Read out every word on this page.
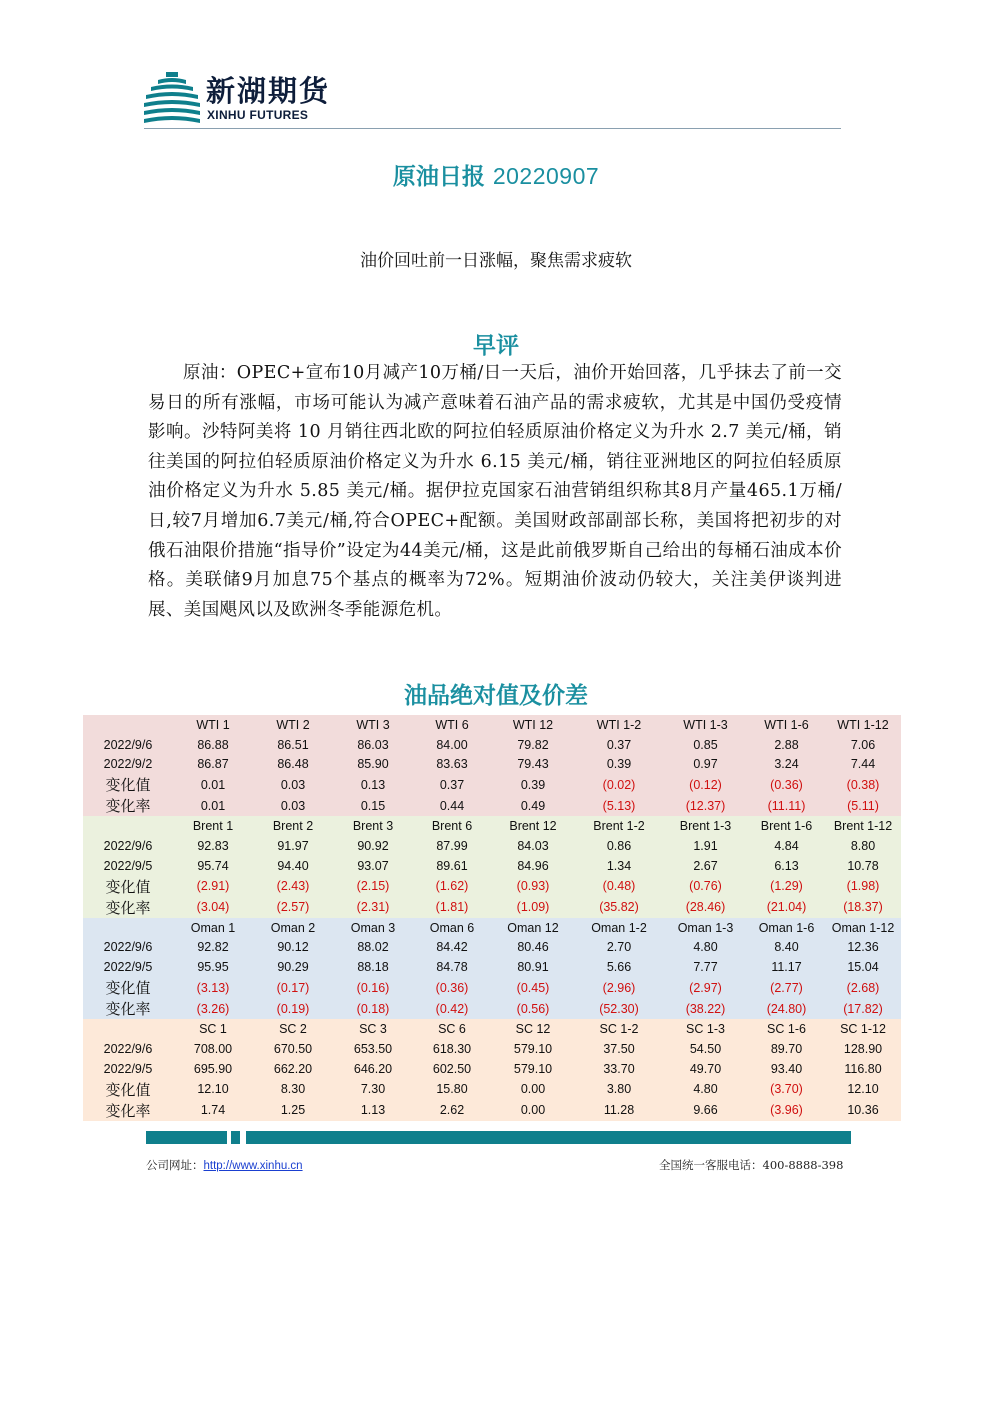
新湖期货
XINHU FUTURES
原油日报 20220907
油价回吐前一日涨幅，聚焦需求疲软
早评

原油：OPEC+宣布10月减产10万桶/日一天后，油价开始回落，几乎抹去了前一交易日的所有涨幅，市场可能认为减产意味着石油产品的需求疲软，尤其是中国仍受疫情影响。沙特阿美将 10 月销往西北欧的阿拉伯轻质原油价格定义为升水 2.7 美元/桶，销往美国的阿拉伯轻质原油价格定义为升水 6.15 美元/桶，销往亚洲地区的阿拉伯轻质原油价格定义为升水 5.85 美元/桶。据伊拉克国家石油营销组织称其8月产量465.1万桶/日,较7月增加6.7美元/桶,符合OPEC+配额。美国财政部副部长称，美国将把初步的对俄石油限价措施“指导价”设定为44美元/桶，这是此前俄罗斯自己给出的每桶石油成本价格。美联储9月加息75个基点的概率为72%。短期油价波动仍较大，关注美伊谈判进展、美国飓风以及欧洲冬季能源危机。

油品绝对值及价差
	WTI 1	WTI 2	WTI 3	WTI 6	WTI 12	WTI 1-2	WTI 1-3	WTI 1-6	WTI 1-12
2022/9/6	86.88	86.51	86.03	84.00	79.82	0.37	0.85	2.88	7.06
2022/9/2	86.87	86.48	85.90	83.63	79.43	0.39	0.97	3.24	7.44
变化值	0.01	0.03	0.13	0.37	0.39	(0.02)	(0.12)	(0.36)	(0.38)
变化率	0.01	0.03	0.15	0.44	0.49	(5.13)	(12.37)	(11.11)	(5.11)
	Brent 1	Brent 2	Brent 3	Brent 6	Brent 12	Brent 1-2	Brent 1-3	Brent 1-6	Brent 1-12
2022/9/6	92.83	91.97	90.92	87.99	84.03	0.86	1.91	4.84	8.80
2022/9/5	95.74	94.40	93.07	89.61	84.96	1.34	2.67	6.13	10.78
变化值	(2.91)	(2.43)	(2.15)	(1.62)	(0.93)	(0.48)	(0.76)	(1.29)	(1.98)
变化率	(3.04)	(2.57)	(2.31)	(1.81)	(1.09)	(35.82)	(28.46)	(21.04)	(18.37)
	Oman 1	Oman 2	Oman 3	Oman 6	Oman 12	Oman 1-2	Oman 1-3	Oman 1-6	Oman 1-12
2022/9/6	92.82	90.12	88.02	84.42	80.46	2.70	4.80	8.40	12.36
2022/9/5	95.95	90.29	88.18	84.78	80.91	5.66	7.77	11.17	15.04
变化值	(3.13)	(0.17)	(0.16)	(0.36)	(0.45)	(2.96)	(2.97)	(2.77)	(2.68)
变化率	(3.26)	(0.19)	(0.18)	(0.42)	(0.56)	(52.30)	(38.22)	(24.80)	(17.82)
	SC 1	SC 2	SC 3	SC 6	SC 12	SC 1-2	SC 1-3	SC 1-6	SC 1-12
2022/9/6	708.00	670.50	653.50	618.30	579.10	37.50	54.50	89.70	128.90
2022/9/5	695.90	662.20	646.20	602.50	579.10	33.70	49.70	93.40	116.80
变化值	12.10	8.30	7.30	15.80	0.00	3.80	4.80	(3.70)	12.10
变化率	1.74	1.25	1.13	2.62	0.00	11.28	9.66	(3.96)	10.36
公司网址：http://www.xinhu.cn	全国统一客服电话：400-8888-398
